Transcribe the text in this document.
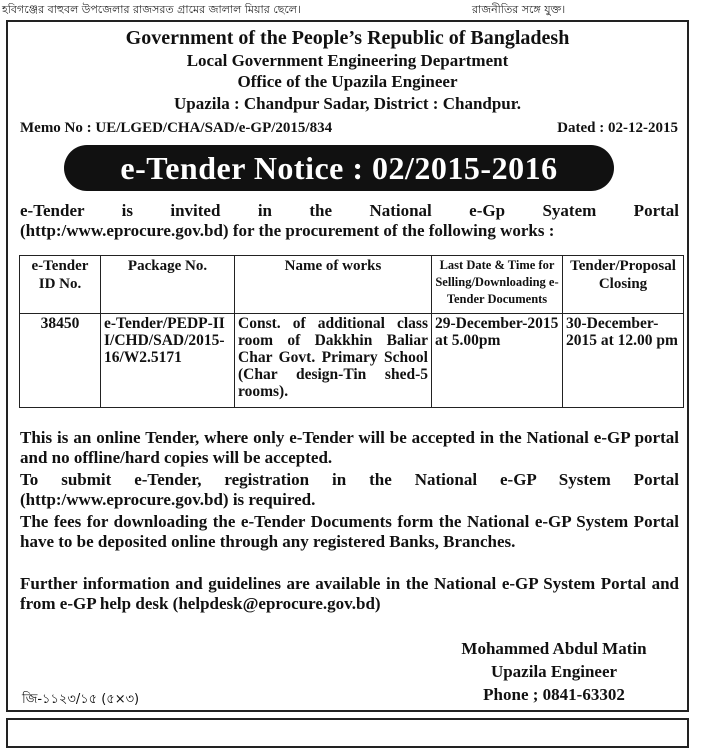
হবিগঞ্জের বাহুবল উপজেলার রাজসরত গ্রামের জালাল মিয়ার ছেলে।	রাজনীতির সঙ্গে যুক্ত।
Government of the People’s Republic of Bangladesh
Local Government Engineering Department
Office of the Upazila Engineer
Upazila : Chandpur Sadar, District : Chandpur.
Memo No : UE/LGED/CHA/SAD/e-GP/2015/834	Dated : 02-12-2015
e-Tender Notice : 02/2015-2016
e-Tender is invited in the National e-Gp Syatem Portal
(http:/www.eprocure.gov.bd) for the procurement of the following works :
e-Tender ID No.	Package No.	Name of works	Last Date & Time for Selling/Downloading e-Tender Documents	Tender/Proposal Closing
38450	e-Tender/PEDP-III/CHD/SAD/2015-16/W2.5171	Const. of additional class room of Dakkhin Baliar Char Govt. Primary School (Char design-Tin shed-5 rooms).	29-December-2015 at 5.00pm	30-December-2015 at 12.00 pm
This is an online Tender, where only e-Tender will be accepted in the National e-GP portal and no offline/hard copies will be accepted.
To submit e-Tender, registration in the National e-GP System Portal (http:/www.eprocure.gov.bd) is required.
The fees for downloading the e-Tender Documents form the National e-GP System Portal have to be deposited online through any registered Banks, Branches.
Further information and guidelines are available in the National e-GP System Portal and from e-GP help desk (helpdesk@eprocure.gov.bd)
Mohammed Abdul Matin
Upazila Engineer
Phone ; 0841-63302
জি-১১২৩/১৫ (৫×৩)
